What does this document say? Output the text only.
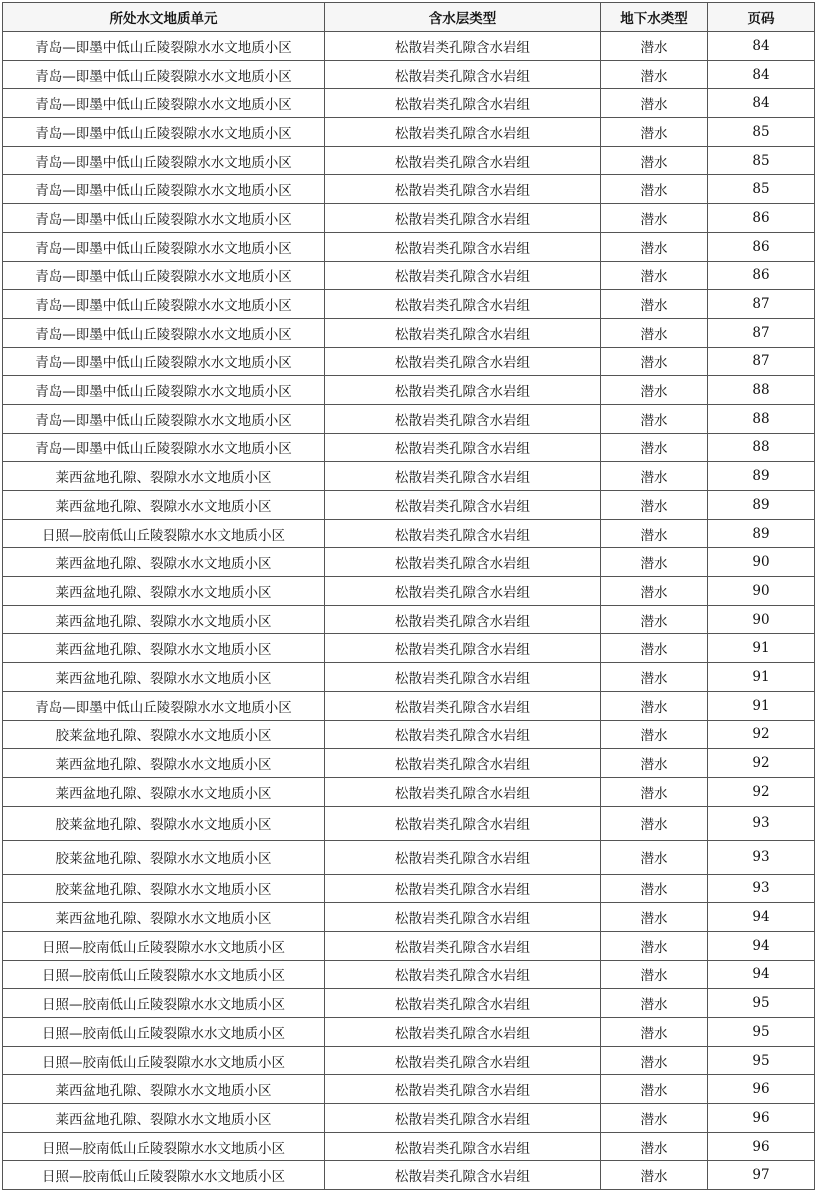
所处水文地质单元	含水层类型	地下水类型	页码
青岛—即墨中低山丘陵裂隙水水文地质小区	松散岩类孔隙含水岩组	潜水	84
青岛—即墨中低山丘陵裂隙水水文地质小区	松散岩类孔隙含水岩组	潜水	84
青岛—即墨中低山丘陵裂隙水水文地质小区	松散岩类孔隙含水岩组	潜水	84
青岛—即墨中低山丘陵裂隙水水文地质小区	松散岩类孔隙含水岩组	潜水	85
青岛—即墨中低山丘陵裂隙水水文地质小区	松散岩类孔隙含水岩组	潜水	85
青岛—即墨中低山丘陵裂隙水水文地质小区	松散岩类孔隙含水岩组	潜水	85
青岛—即墨中低山丘陵裂隙水水文地质小区	松散岩类孔隙含水岩组	潜水	86
青岛—即墨中低山丘陵裂隙水水文地质小区	松散岩类孔隙含水岩组	潜水	86
青岛—即墨中低山丘陵裂隙水水文地质小区	松散岩类孔隙含水岩组	潜水	86
青岛—即墨中低山丘陵裂隙水水文地质小区	松散岩类孔隙含水岩组	潜水	87
青岛—即墨中低山丘陵裂隙水水文地质小区	松散岩类孔隙含水岩组	潜水	87
青岛—即墨中低山丘陵裂隙水水文地质小区	松散岩类孔隙含水岩组	潜水	87
青岛—即墨中低山丘陵裂隙水水文地质小区	松散岩类孔隙含水岩组	潜水	88
青岛—即墨中低山丘陵裂隙水水文地质小区	松散岩类孔隙含水岩组	潜水	88
青岛—即墨中低山丘陵裂隙水水文地质小区	松散岩类孔隙含水岩组	潜水	88
莱西盆地孔隙、裂隙水水文地质小区	松散岩类孔隙含水岩组	潜水	89
莱西盆地孔隙、裂隙水水文地质小区	松散岩类孔隙含水岩组	潜水	89
日照—胶南低山丘陵裂隙水水文地质小区	松散岩类孔隙含水岩组	潜水	89
莱西盆地孔隙、裂隙水水文地质小区	松散岩类孔隙含水岩组	潜水	90
莱西盆地孔隙、裂隙水水文地质小区	松散岩类孔隙含水岩组	潜水	90
莱西盆地孔隙、裂隙水水文地质小区	松散岩类孔隙含水岩组	潜水	90
莱西盆地孔隙、裂隙水水文地质小区	松散岩类孔隙含水岩组	潜水	91
莱西盆地孔隙、裂隙水水文地质小区	松散岩类孔隙含水岩组	潜水	91
青岛—即墨中低山丘陵裂隙水水文地质小区	松散岩类孔隙含水岩组	潜水	91
胶莱盆地孔隙、裂隙水水文地质小区	松散岩类孔隙含水岩组	潜水	92
莱西盆地孔隙、裂隙水水文地质小区	松散岩类孔隙含水岩组	潜水	92
莱西盆地孔隙、裂隙水水文地质小区	松散岩类孔隙含水岩组	潜水	92
胶莱盆地孔隙、裂隙水水文地质小区	松散岩类孔隙含水岩组	潜水	93
胶莱盆地孔隙、裂隙水水文地质小区	松散岩类孔隙含水岩组	潜水	93
胶莱盆地孔隙、裂隙水水文地质小区	松散岩类孔隙含水岩组	潜水	93
莱西盆地孔隙、裂隙水水文地质小区	松散岩类孔隙含水岩组	潜水	94
日照—胶南低山丘陵裂隙水水文地质小区	松散岩类孔隙含水岩组	潜水	94
日照—胶南低山丘陵裂隙水水文地质小区	松散岩类孔隙含水岩组	潜水	94
日照—胶南低山丘陵裂隙水水文地质小区	松散岩类孔隙含水岩组	潜水	95
日照—胶南低山丘陵裂隙水水文地质小区	松散岩类孔隙含水岩组	潜水	95
日照—胶南低山丘陵裂隙水水文地质小区	松散岩类孔隙含水岩组	潜水	95
莱西盆地孔隙、裂隙水水文地质小区	松散岩类孔隙含水岩组	潜水	96
莱西盆地孔隙、裂隙水水文地质小区	松散岩类孔隙含水岩组	潜水	96
日照—胶南低山丘陵裂隙水水文地质小区	松散岩类孔隙含水岩组	潜水	96
日照—胶南低山丘陵裂隙水水文地质小区	松散岩类孔隙含水岩组	潜水	97
